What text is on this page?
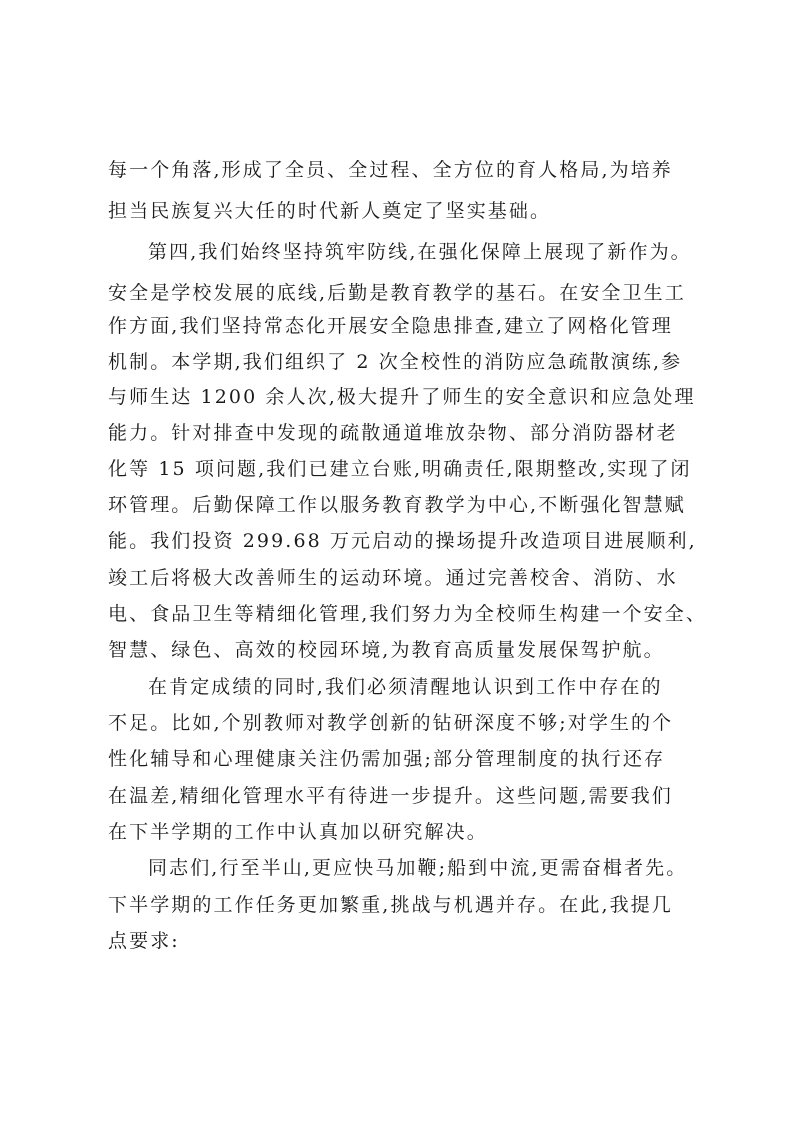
每一个角落,形成了全员、全过程、全方位的育人格局,为培养
担当民族复兴大任的时代新人奠定了坚实基础。
第四,我们始终坚持筑牢防线,在强化保障上展现了新作为。
安全是学校发展的底线,后勤是教育教学的基石。在安全卫生工
作方面,我们坚持常态化开展安全隐患排查,建立了网格化管理
机制。本学期,我们组织了 2 次全校性的消防应急疏散演练,参
与师生达 1200 余人次,极大提升了师生的安全意识和应急处理
能力。针对排查中发现的疏散通道堆放杂物、部分消防器材老
化等 15 项问题,我们已建立台账,明确责任,限期整改,实现了闭
环管理。后勤保障工作以服务教育教学为中心,不断强化智慧赋
能。我们投资 299.68 万元启动的操场提升改造项目进展顺利,
竣工后将极大改善师生的运动环境。通过完善校舍、消防、水
电、食品卫生等精细化管理,我们努力为全校师生构建一个安全、
智慧、绿色、高效的校园环境,为教育高质量发展保驾护航。
在肯定成绩的同时,我们必须清醒地认识到工作中存在的
不足。比如,个别教师对教学创新的钻研深度不够;对学生的个
性化辅导和心理健康关注仍需加强;部分管理制度的执行还存
在温差,精细化管理水平有待进一步提升。这些问题,需要我们
在下半学期的工作中认真加以研究解决。
同志们,行至半山,更应快马加鞭;船到中流,更需奋楫者先。
下半学期的工作任务更加繁重,挑战与机遇并存。在此,我提几
点要求:
